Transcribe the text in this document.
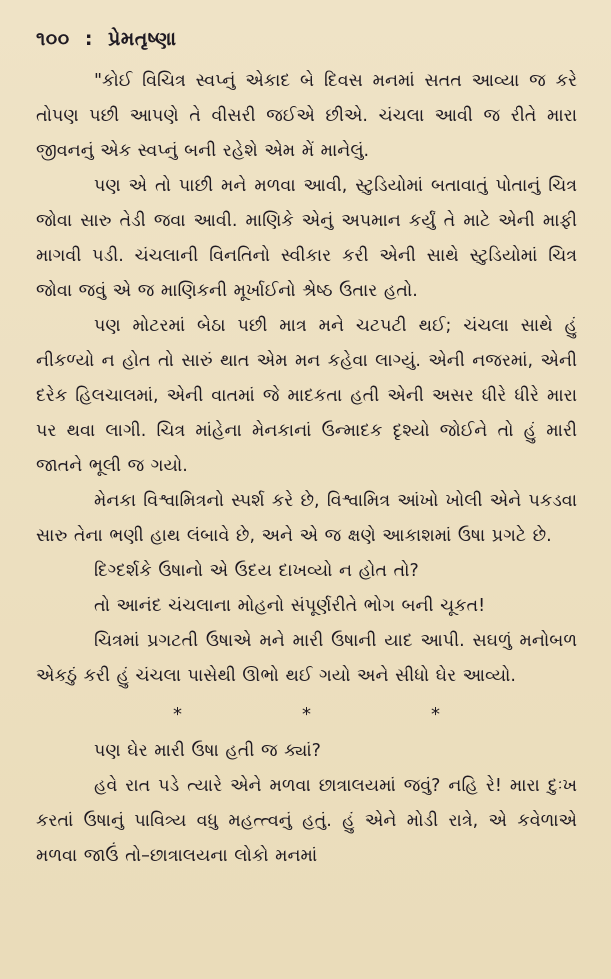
૧૦૦ : પ્રેમતૃષ્ણા

"કોઈ વિચિત્ર સ્વપ્નું એકાદ બે દિવસ મનમાં સતત આવ્યા જ કરે તોપણ પછી આપણે તે વીસરી જઈએ છીએ. ચંચલા આવી જ રીતે મારા જીવનનું એક સ્વપ્નું બની રહેશે એમ મેં માનેલું.

પણ એ તો પાછી મને મળવા આવી, સ્ટુડિયોમાં બતાવાતું પોતાનું ચિત્ર જોવા સારુ તેડી જવા આવી. માણિકે એનું અપમાન કર્યું તે માટે એની માફી માગવી પડી. ચંચલાની વિનતિનો સ્વીકાર કરી એની સાથે સ્ટુડિયોમાં ચિત્ર જોવા જવું એ જ માણિકની મૂર્ખાઈનો શ્રેષ્ઠ ઉતાર હતો.

પણ મોટરમાં બેઠા પછી માત્ર મને ચટપટી થઈ; ચંચલા સાથે હું નીકળ્યો ન હોત તો સારું થાત એમ મન કહેવા લાગ્યું. એની નજરમાં, એની દરેક હિલચાલમાં, એની વાતમાં જે માદકતા હતી એની અસર ધીરે ધીરે મારા પર થવા લાગી. ચિત્ર માંહેના મેનકાનાં ઉન્માદક દૃશ્યો જોઈને તો હું મારી જાતને ભૂલી જ ગયો.

મેનકા વિશ્વામિત્રનો સ્પર્શ કરે છે, વિશ્વામિત્ર આંખો ખોલી એને પકડવા સારુ તેના ભણી હાથ લંબાવે છે, અને એ જ ક્ષણે આકાશમાં ઉષા પ્રગટે છે.

દિગ્દર્શકે ઉષાનો એ ઉદય દાખવ્યો ન હોત તો?

તો આનંદ ચંચલાના મોહનો સંપૂર્ણરીતે ભોગ બની ચૂકત!

ચિત્રમાં પ્રગટતી ઉષાએ મને મારી ઉષાની યાદ આપી. સઘળું મનોબળ એકઠું કરી હું ચંચલા પાસેથી ઊભો થઈ ગયો અને સીધો ઘેર આવ્યો.

*	*	*

પણ ઘેર મારી ઉષા હતી જ ક્યાં?

હવે રાત પડે ત્યારે એને મળવા છાત્રાલયમાં જવું? નહિ રે! મારા દુઃખ કરતાં ઉષાનું પાવિત્ર્ય વધુ મહત્ત્વનું હતું. હું એને મોડી રાત્રે, એ કવેળાએ મળવા જાઉં તો–છાત્રાલયના લોકો મનમાં
